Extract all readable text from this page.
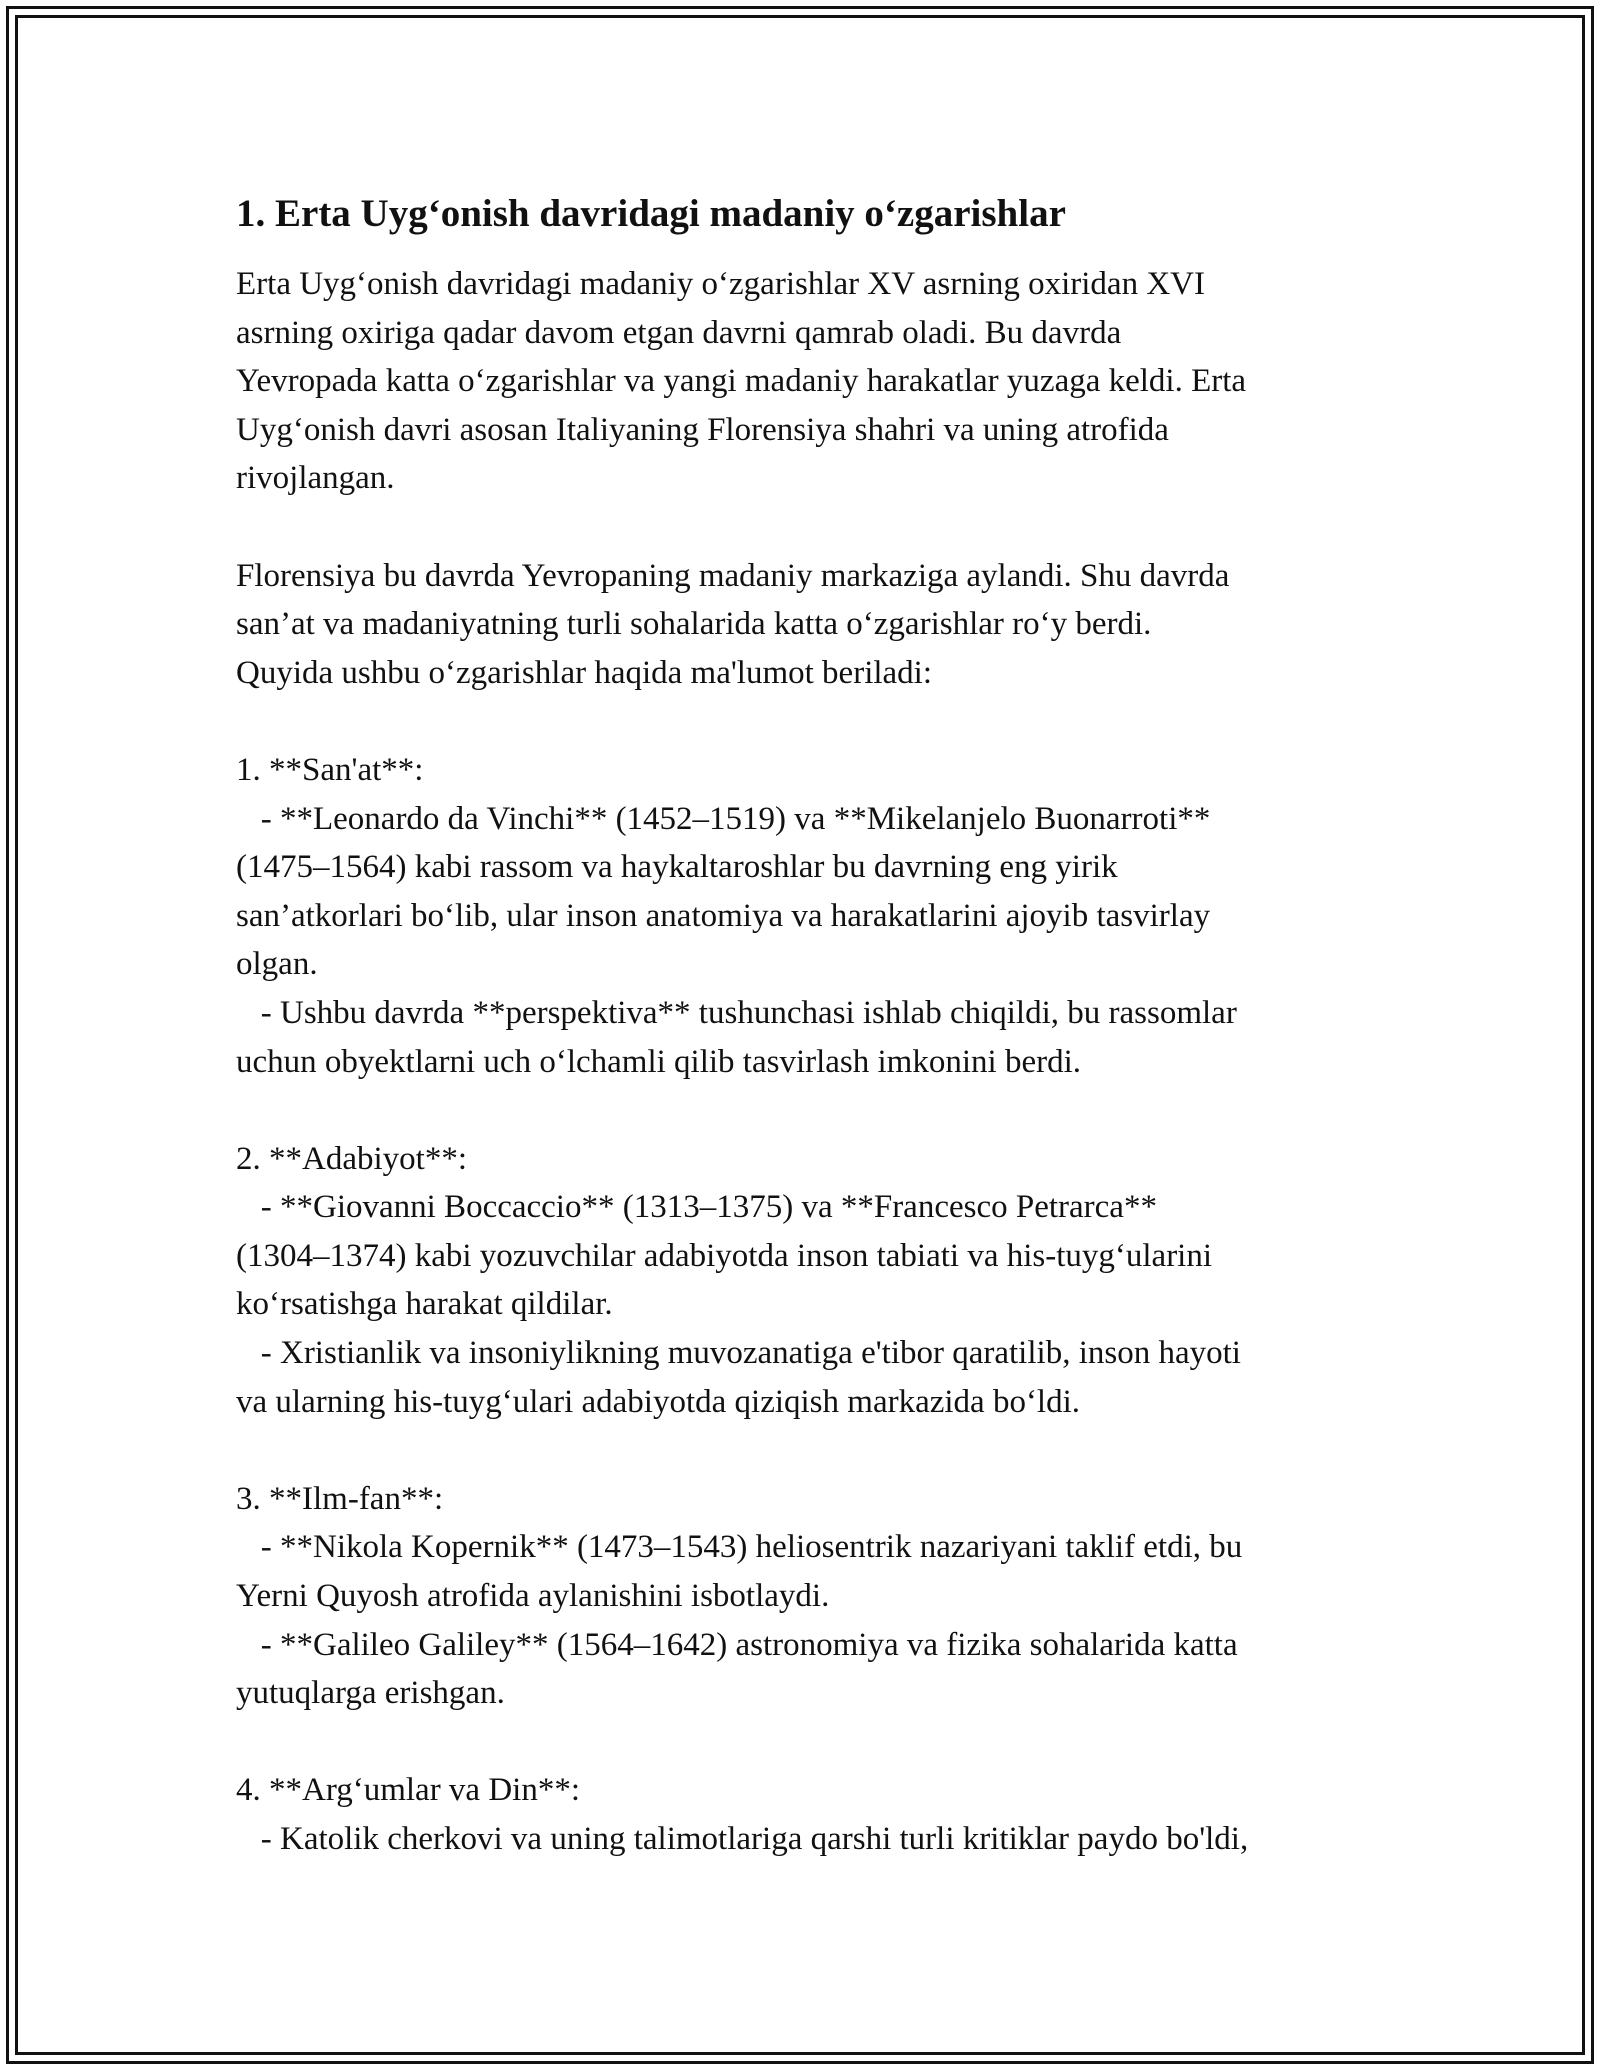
1. Erta Uyg‘onish davridagi madaniy o‘zgarishlar
Erta Uyg‘onish davridagi madaniy o‘zgarishlar XV asrning oxiridan XVI
asrning oxiriga qadar davom etgan davrni qamrab oladi. Bu davrda
Yevropada katta o‘zgarishlar va yangi madaniy harakatlar yuzaga keldi. Erta
Uyg‘onish davri asosan Italiyaning Florensiya shahri va uning atrofida
rivojlangan.
Florensiya bu davrda Yevropaning madaniy markaziga aylandi. Shu davrda
san’at va madaniyatning turli sohalarida katta o‘zgarishlar ro‘y berdi.
Quyida ushbu o‘zgarishlar haqida ma'lumot beriladi:
1. **San'at**:
- **Leonardo da Vinchi** (1452–1519) va **Mikelanjelo Buonarroti**
(1475–1564) kabi rassom va haykaltaroshlar bu davrning eng yirik
san’atkorlari bo‘lib, ular inson anatomiya va harakatlarini ajoyib tasvirlay
olgan.
- Ushbu davrda **perspektiva** tushunchasi ishlab chiqildi, bu rassomlar
uchun obyektlarni uch o‘lchamli qilib tasvirlash imkonini berdi.
2. **Adabiyot**:
- **Giovanni Boccaccio** (1313–1375) va **Francesco Petrarca**
(1304–1374) kabi yozuvchilar adabiyotda inson tabiati va his-tuyg‘ularini
ko‘rsatishga harakat qildilar.
- Xristianlik va insoniylikning muvozanatiga e'tibor qaratilib, inson hayoti
va ularning his-tuyg‘ulari adabiyotda qiziqish markazida bo‘ldi.
3. **Ilm-fan**:
- **Nikola Kopernik** (1473–1543) heliosentrik nazariyani taklif etdi, bu
Yerni Quyosh atrofida aylanishini isbotlaydi.
- **Galileo Galiley** (1564–1642) astronomiya va fizika sohalarida katta
yutuqlarga erishgan.
4. **Arg‘umlar va Din**:
- Katolik cherkovi va uning talimotlariga qarshi turli kritiklar paydo bo'ldi,
